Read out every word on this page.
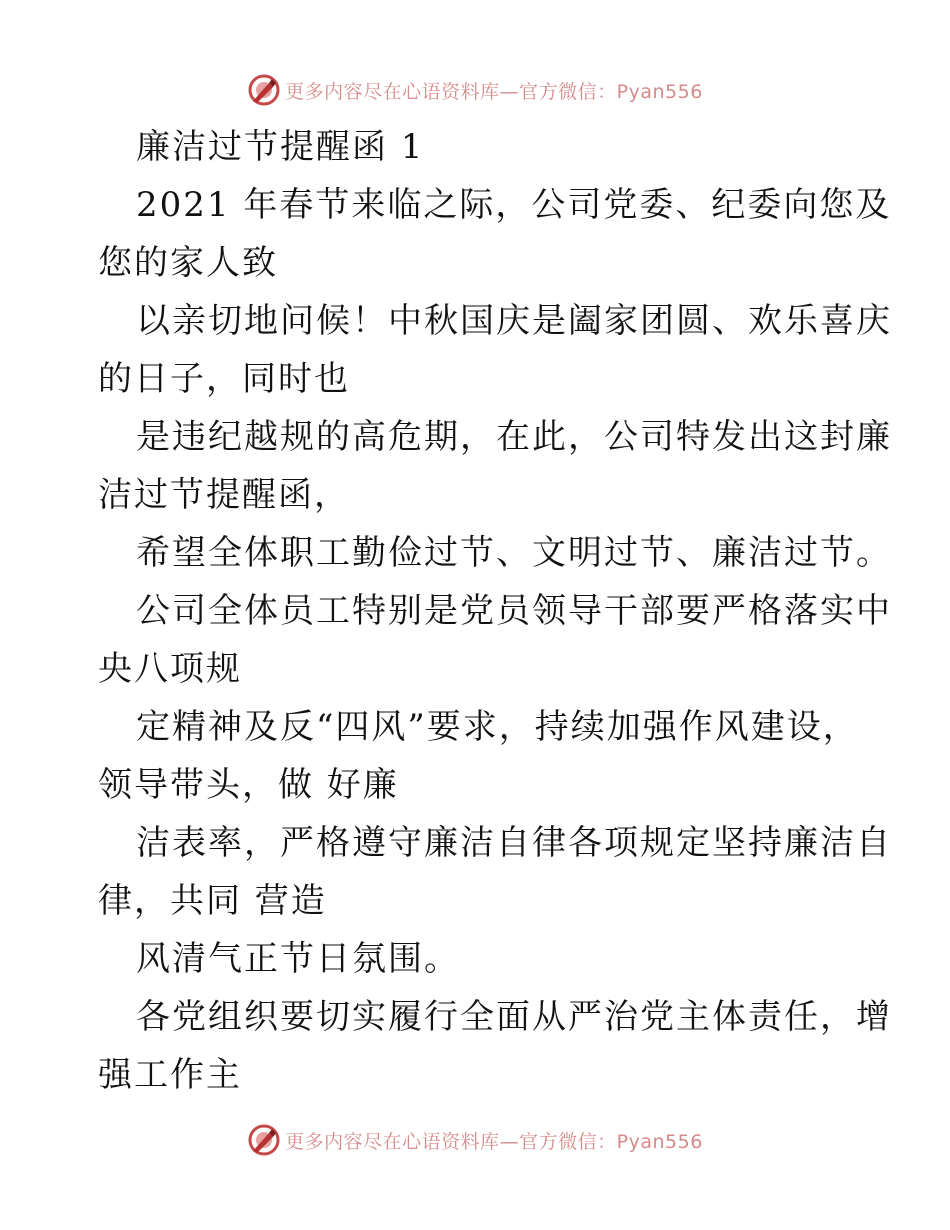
更多内容尽在心语资料库—官方微信：Pyan556

廉洁过节提醒函 1

2021 年春节来临之际，公司党委、纪委向您及
您的家人致

以亲切地问候！中秋国庆是阖家团圆、欢乐喜庆
的日子，同时也

是违纪越规的高危期，在此，公司特发出这封廉
洁过节提醒函，

希望全体职工勤俭过节、文明过节、廉洁过节。

公司全体员工特别是党员领导干部要严格落实中
央八项规

定精神及反“四风”要求，持续加强作风建设，
领导带头，做 好廉

洁表率，严格遵守廉洁自律各项规定坚持廉洁自
律，共同 营造

风清气正节日氛围。

各党组织要切实履行全面从严治党主体责任，增
强工作主

更多内容尽在心语资料库—官方微信：Pyan556
